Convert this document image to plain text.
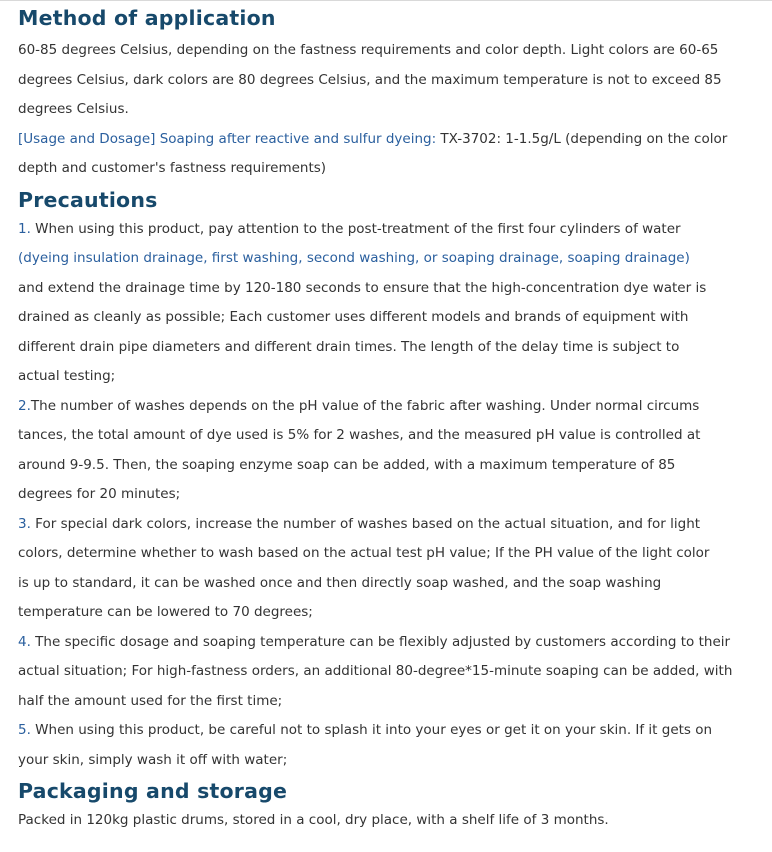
Method of application

60-85 degrees Celsius, depending on the fastness requirements and color depth. Light colors are 60-65

degrees Celsius, dark colors are 80 degrees Celsius, and the maximum temperature is not to exceed 85

degrees Celsius.

[Usage and Dosage] Soaping after reactive and sulfur dyeing: TX-3702: 1-1.5g/L (depending on the color

depth and customer's fastness requirements)

Precautions

1. When using this product, pay attention to the post-treatment of the first four cylinders of water

(dyeing insulation drainage, first washing, second washing, or soaping drainage, soaping drainage)

and extend the drainage time by 120-180 seconds to ensure that the high-concentration dye water is

drained as cleanly as possible; Each customer uses different models and brands of equipment with

different drain pipe diameters and different drain times. The length of the delay time is subject to

actual testing;

2.The number of washes depends on the pH value of the fabric after washing. Under normal circums

tances, the total amount of dye used is 5% for 2 washes, and the measured pH value is controlled at

around 9-9.5. Then, the soaping enzyme soap can be added, with a maximum temperature of 85

degrees for 20 minutes;

3. For special dark colors, increase the number of washes based on the actual situation, and for light

colors, determine whether to wash based on the actual test pH value; If the PH value of the light color

is up to standard, it can be washed once and then directly soap washed, and the soap washing

temperature can be lowered to 70 degrees;

4. The specific dosage and soaping temperature can be flexibly adjusted by customers according to their

actual situation; For high-fastness orders, an additional 80-degree*15-minute soaping can be added, with

half the amount used for the first time;

5. When using this product, be careful not to splash it into your eyes or get it on your skin. If it gets on

your skin, simply wash it off with water;

Packaging and storage

Packed in 120kg plastic drums, stored in a cool, dry place, with a shelf life of 3 months.
